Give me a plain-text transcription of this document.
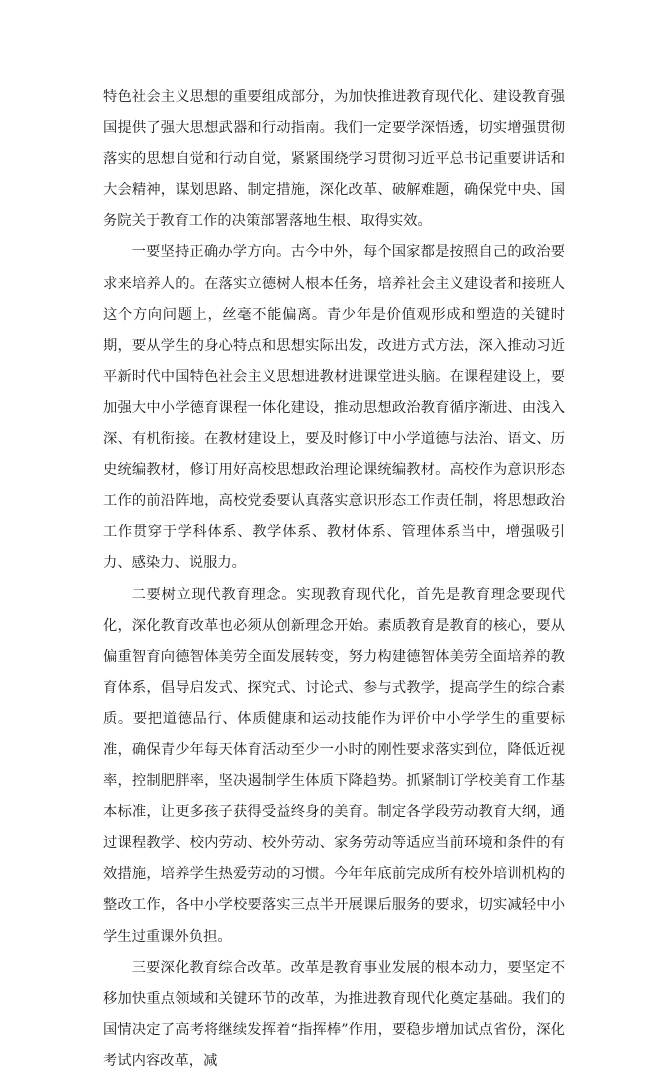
特色社会主义思想的重要组成部分，为加快推进教育现代化、建设教育强国提供了强大思想武器和行动指南。我们一定要学深悟透，切实增强贯彻落实的思想自觉和行动自觉，紧紧围绕学习贯彻习近平总书记重要讲话和大会精神，谋划思路、制定措施，深化改革、破解难题，确保党中央、国务院关于教育工作的决策部署落地生根、取得实效。

一要坚持正确办学方向。古今中外，每个国家都是按照自己的政治要求来培养人的。在落实立德树人根本任务，培养社会主义建设者和接班人这个方向问题上，丝毫不能偏离。青少年是价值观形成和塑造的关键时期，要从学生的身心特点和思想实际出发，改进方式方法，深入推动习近平新时代中国特色社会主义思想进教材进课堂进头脑。在课程建设上，要加强大中小学德育课程一体化建设，推动思想政治教育循序渐进、由浅入深、有机衔接。在教材建设上，要及时修订中小学道德与法治、语文、历史统编教材，修订用好高校思想政治理论课统编教材。高校作为意识形态工作的前沿阵地，高校党委要认真落实意识形态工作责任制，将思想政治工作贯穿于学科体系、教学体系、教材体系、管理体系当中，增强吸引力、感染力、说服力。

二要树立现代教育理念。实现教育现代化，首先是教育理念要现代化，深化教育改革也必须从创新理念开始。素质教育是教育的核心，要从偏重智育向德智体美劳全面发展转变，努力构建德智体美劳全面培养的教育体系，倡导启发式、探究式、讨论式、参与式教学，提高学生的综合素质。要把道德品行、体质健康和运动技能作为评价中小学学生的重要标准，确保青少年每天体育活动至少一小时的刚性要求落实到位，降低近视率，控制肥胖率，坚决遏制学生体质下降趋势。抓紧制订学校美育工作基本标准，让更多孩子获得受益终身的美育。制定各学段劳动教育大纲，通过课程教学、校内劳动、校外劳动、家务劳动等适应当前环境和条件的有效措施，培养学生热爱劳动的习惯。今年年底前完成所有校外培训机构的整改工作，各中小学校要落实三点半开展课后服务的要求，切实减轻中小学生过重课外负担。

三要深化教育综合改革。改革是教育事业发展的根本动力，要坚定不移加快重点领域和关键环节的改革，为推进教育现代化奠定基础。我们的国情决定了高考将继续发挥着“指挥棒”作用，要稳步增加试点省份，深化考试内容改革，减
